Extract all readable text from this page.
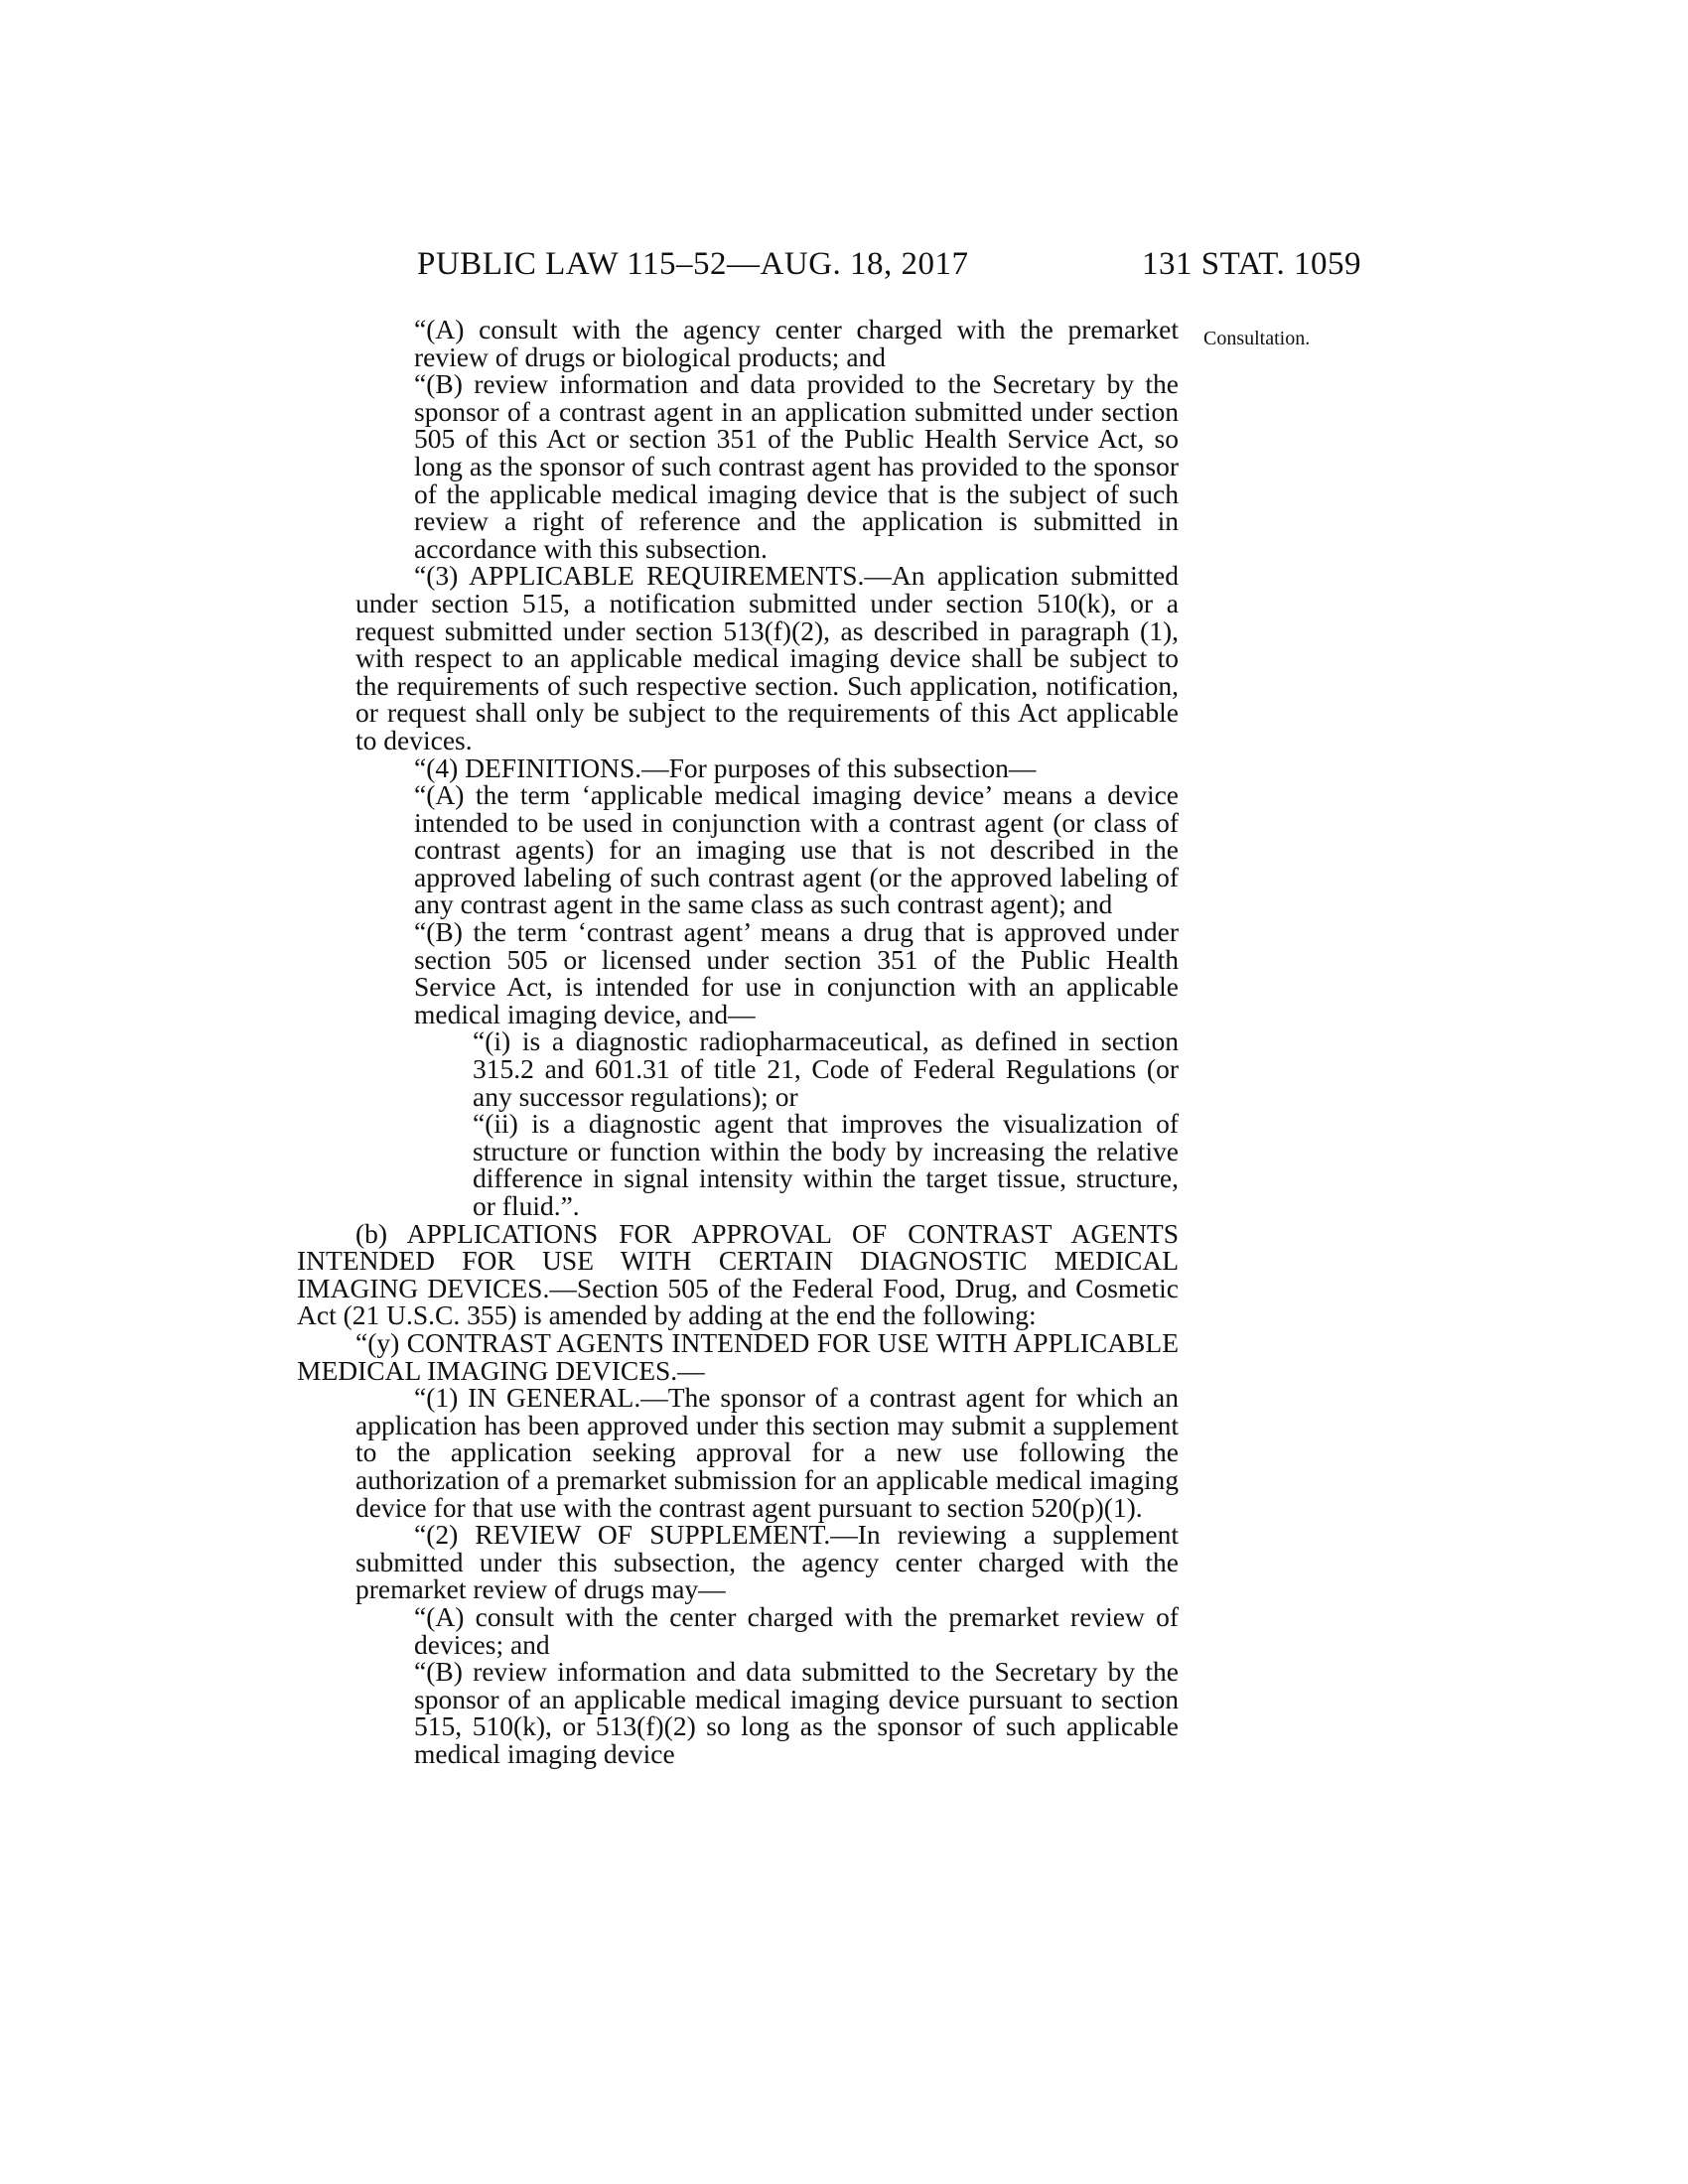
PUBLIC LAW 115–52—AUG. 18, 2017	131 STAT. 1059
Consultation.

“(A) consult with the agency center charged with the premarket review of drugs or biological products; and

“(B) review information and data provided to the Secretary by the sponsor of a contrast agent in an application submitted under section 505 of this Act or section 351 of the Public Health Service Act, so long as the sponsor of such contrast agent has provided to the sponsor of the applicable medical imaging device that is the subject of such review a right of reference and the application is submitted in accordance with this subsection.

“(3) APPLICABLE REQUIREMENTS.—An application submitted under section 515, a notification submitted under section 510(k), or a request submitted under section 513(f)(2), as described in paragraph (1), with respect to an applicable medical imaging device shall be subject to the requirements of such respective section. Such application, notification, or request shall only be subject to the requirements of this Act applicable to devices.

“(4) DEFINITIONS.—For purposes of this subsection—

“(A) the term ‘applicable medical imaging device’ means a device intended to be used in conjunction with a contrast agent (or class of contrast agents) for an imaging use that is not described in the approved labeling of such contrast agent (or the approved labeling of any contrast agent in the same class as such contrast agent); and

“(B) the term ‘contrast agent’ means a drug that is approved under section 505 or licensed under section 351 of the Public Health Service Act, is intended for use in conjunction with an applicable medical imaging device, and—

“(i) is a diagnostic radiopharmaceutical, as defined in section 315.2 and 601.31 of title 21, Code of Federal Regulations (or any successor regulations); or

“(ii) is a diagnostic agent that improves the visualization of structure or function within the body by increasing the relative difference in signal intensity within the target tissue, structure, or fluid.”.

(b) APPLICATIONS FOR APPROVAL OF CONTRAST AGENTS INTENDED FOR USE WITH CERTAIN DIAGNOSTIC MEDICAL IMAGING DEVICES.—Section 505 of the Federal Food, Drug, and Cosmetic Act (21 U.S.C. 355) is amended by adding at the end the following:

“(y) CONTRAST AGENTS INTENDED FOR USE WITH APPLICABLE MEDICAL IMAGING DEVICES.—

“(1) IN GENERAL.—The sponsor of a contrast agent for which an application has been approved under this section may submit a supplement to the application seeking approval for a new use following the authorization of a premarket submission for an applicable medical imaging device for that use with the contrast agent pursuant to section 520(p)(1).

“(2) REVIEW OF SUPPLEMENT.—In reviewing a supplement submitted under this subsection, the agency center charged with the premarket review of drugs may—

“(A) consult with the center charged with the premarket review of devices; and

“(B) review information and data submitted to the Secretary by the sponsor of an applicable medical imaging device pursuant to section 515, 510(k), or 513(f)(2) so long as the sponsor of such applicable medical imaging device
